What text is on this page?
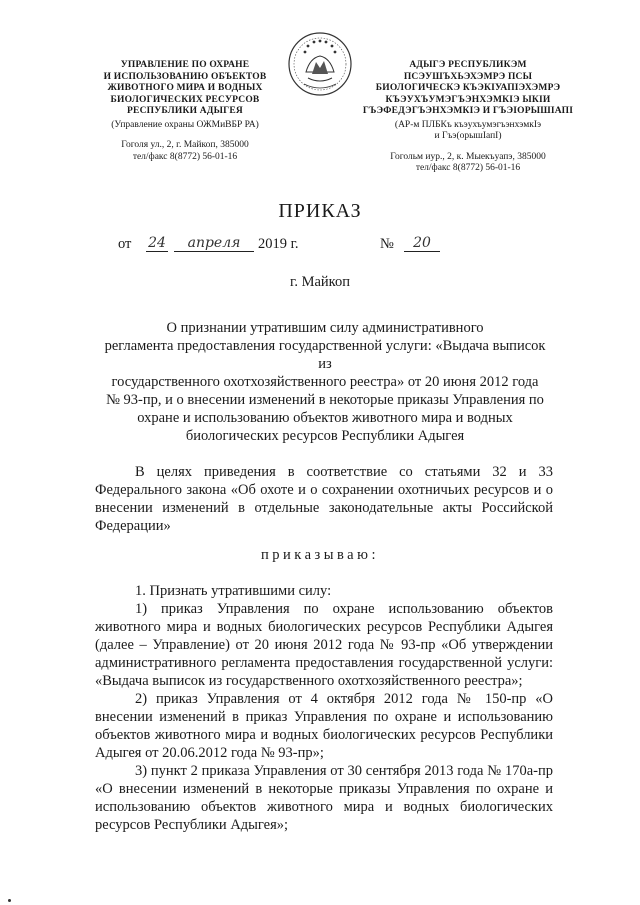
УПРАВЛЕНИЕ ПО ОХРАНЕ
И ИСПОЛЬЗОВАНИЮ ОБЪЕКТОВ
ЖИВОТНОГО МИРА И ВОДНЫХ
БИОЛОГИЧЕСКИХ РЕСУРСОВ
РЕСПУБЛИКИ АДЫГЕЯ
(Управление охраны ОЖМиВБР РА)
Гоголя ул., 2, г. Майкоп, 385000
тел/факс 8(8772) 56-01-16
АДЫГЭ РЕСПУБЛИКЭМ
ПСЭУШЪХЬЭХЭМРЭ ПСЫ
БИОЛОГИЧЕСКЭ КЪЭКIУАПIЭХЭМРЭ
КЪЭУХЪУМЭГЪЭНХЭМКIЭ ЫКIИ
ГЪЭФЕДЭГЪЭНХЭМКIЭ И ГЪЭIОРЫШIАПI
(АР-м ПЛБКъ къэухъумэгъэнхэмкIэ
и Гъэ(орышIапI)
Гогольм иур., 2, к. Мыекъуапэ, 385000
тел/факс 8(8772) 56-01-16
ПРИКАЗ
от 24	апреля	2019 г.	№	20
г. Майкоп
О признании утратившим силу административного
регламента предоставления государственной услуги: «Выдача выписок из
государственного охотхозяйственного реестра» от 20 июня 2012 года
№ 93-пр, и о внесении изменений в некоторые приказы Управления по
охране и использованию объектов животного мира и водных
биологических ресурсов Республики Адыгея

В целях приведения в соответствие со статьями 32 и 33 Федерального закона «Об охоте и о сохранении охотничьих ресурсов и о внесении изменений в отдельные законодательные акты Российской Федерации»

приказываю:

1. Признать утратившими силу:

1) приказ Управления по охране использованию объектов животного мира и водных биологических ресурсов Республики Адыгея (далее – Управление) от 20 июня 2012 года № 93-пр «Об утверждении административного регламента предоставления государственной услуги: «Выдача выписок из государственного охотхозяйственного реестра»;

2) приказ Управления от 4 октября 2012 года № 150-пр «О внесении изменений в приказ Управления по охране и использованию объектов животного мира и водных биологических ресурсов Республики Адыгея от 20.06.2012 года № 93-пр»;

3) пункт 2 приказа Управления от 30 сентября 2013 года № 170а-пр «О внесении изменений в некоторые приказы Управления по охране и использованию объектов животного мира и водных биологических ресурсов Республики Адыгея»;
